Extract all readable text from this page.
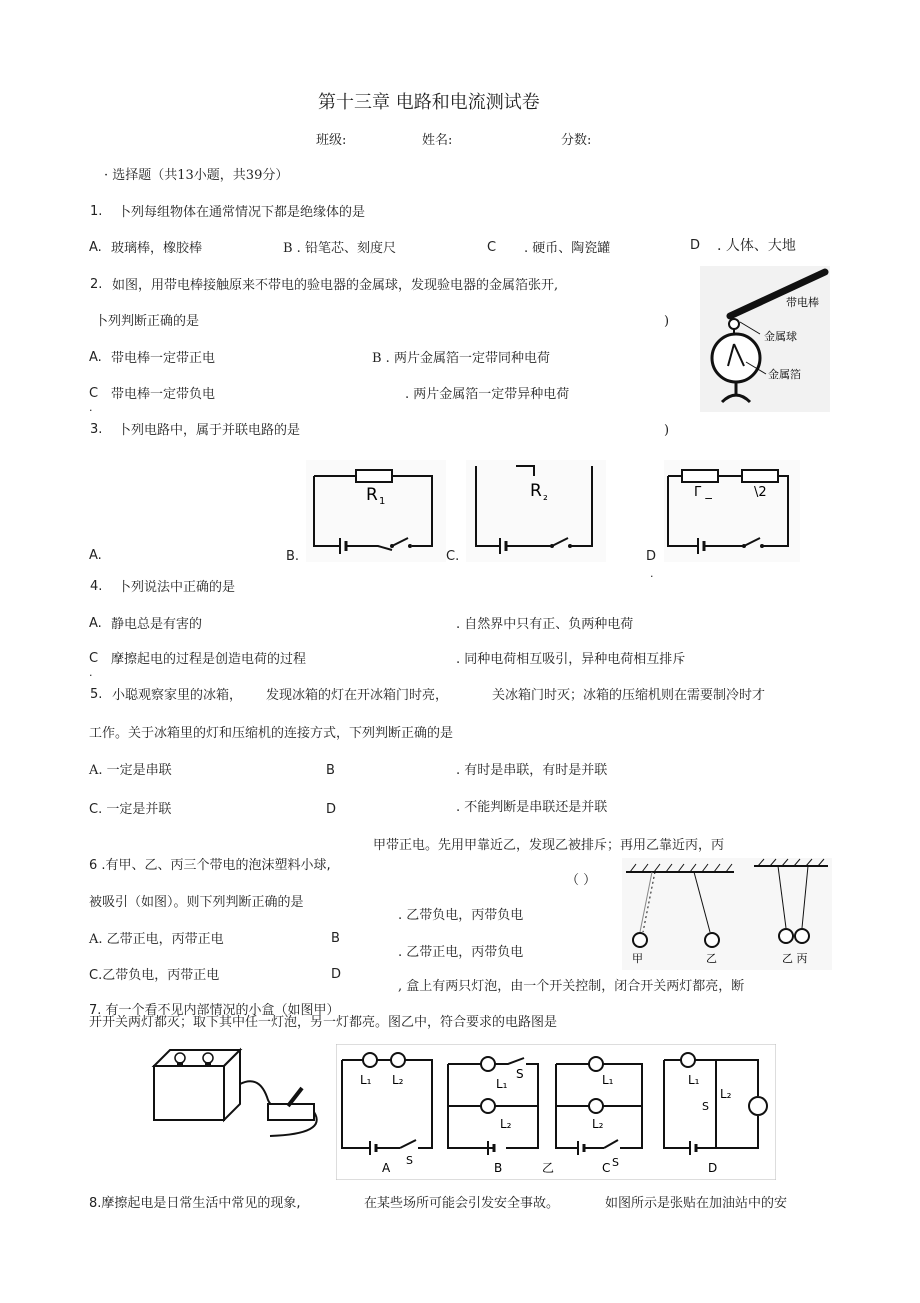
第十三章 电路和电流测试卷
班级:	姓名:	分数:
· 选择题（共13小题，共39分）
1. 卜列每组物体在通常情况下都是绝缘体的是
A. 玻璃棒，橡胶棒	B . 铅笔芯、刻度尺	C . 硬币、陶瓷罐	D . 人体、大地
2. 如图，用带电棒接触原来不带电的验电器的金属球，发现验电器的金属箔张开,
卜列判断正确的是	)
A. 带电棒一定带正电	B . 两片金属箔一定带同种电荷
C
.
带电棒一定带负电	. 两片金属箔一定带异种电荷
带电棒
金属球
金属箔
3. 卜列电路中，属于并联电路的是	)
R 1
R ₂	Γ _	\2
A.	B.	C.	D
.
4. 卜列说法中正确的是
A. 静电总是有害的	. 自然界中只有正、负两种电荷
C
.
摩擦起电的过程是创造电荷的过程	. 同种电荷相互吸引，异种电荷相互排斥
5. 小聪观察家里的冰箱， 发现冰箱的灯在开冰箱门时亮，	关冰箱门时灭；冰箱的压缩机则在需要制冷时才
工作。关于冰箱里的灯和压缩机的连接方式，下列判断正确的是
A. 一定是串联	B	. 有时是串联，有时是并联
C. 一定是并联	D	. 不能判断是串联还是并联
甲带正电。先用甲靠近乙，发现乙被排斥；再用乙靠近丙，丙
6 .有甲、乙、丙三个带电的泡沫塑料小球,
（ ）
被吸引（如图）。则下列判断正确的是
. 乙带负电，丙带负电
A. 乙带正电，丙带正电	B
. 乙带正电，丙带负电
C.乙带负电，丙带正电	D
甲	乙	乙 丙
, 盒上有两只灯泡，由一个开关控制，闭合开关两灯都亮，断
7. 有一个看不见内部情况的小盒（如图甲）
开开关两灯都灭；取下其中任一灯泡，另一灯都亮。图乙中，符合要求的电路图是
L₁ L₂
S
L₁
S
L₂
L₁
L₂
S
L₁
L₂
S
A	B	乙	C	D
8.摩擦起电是日常生活中常见的现象,	在某些场所可能会引发安全事故。	如图所示是张贴在加油站中的安
